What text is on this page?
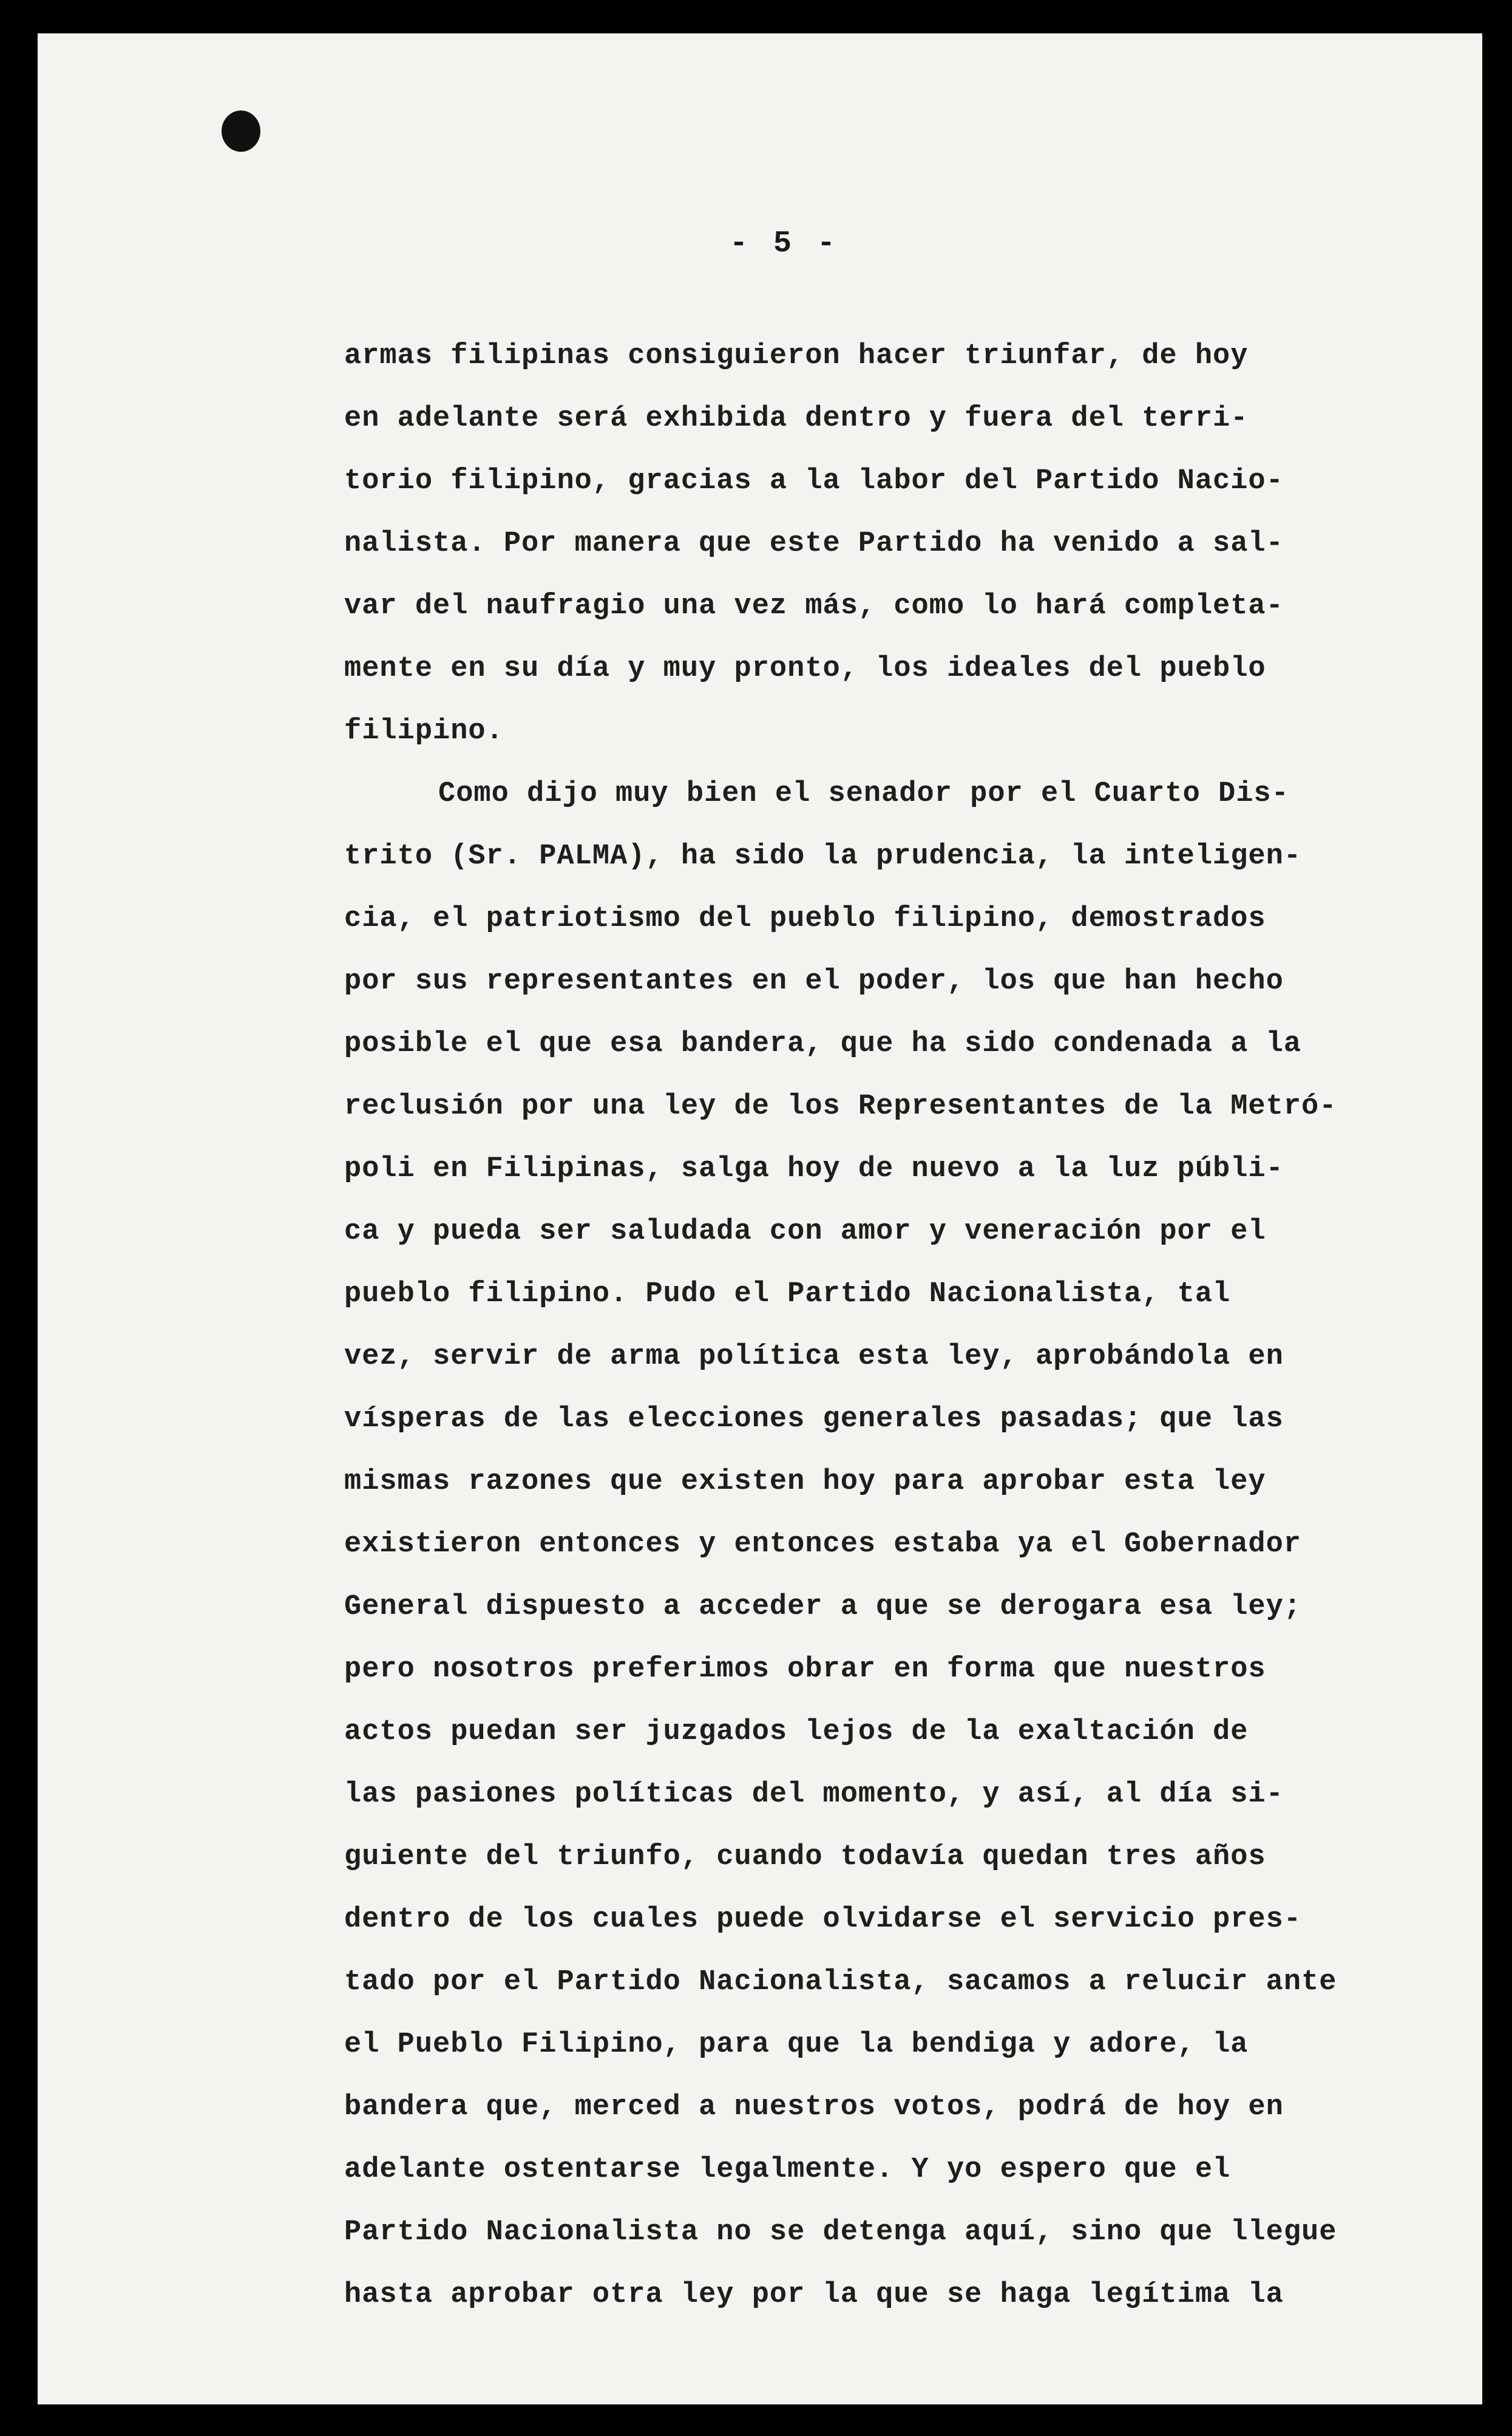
- 5 -
armas filipinas consiguieron hacer triunfar, de hoy
en adelante será exhibida dentro y fuera del terri-
torio filipino, gracias a la labor del Partido Nacio-
nalista. Por manera que este Partido ha venido a sal-
var del naufragio una vez más, como lo hará completa-
mente en su día y muy pronto, los ideales del pueblo
filipino.
Como dijo muy bien el senador por el Cuarto Dis-
trito (Sr. PALMA), ha sido la prudencia, la inteligen-
cia, el patriotismo del pueblo filipino, demostrados
por sus representantes en el poder, los que han hecho
posible el que esa bandera, que ha sido condenada a la
reclusión por una ley de los Representantes de la Metró-
poli en Filipinas, salga hoy de nuevo a la luz públi-
ca y pueda ser saludada con amor y veneración por el
pueblo filipino. Pudo el Partido Nacionalista, tal
vez, servir de arma política esta ley, aprobándola en
vísperas de las elecciones generales pasadas; que las
mismas razones que existen hoy para aprobar esta ley
existieron entonces y entonces estaba ya el Gobernador
General dispuesto a acceder a que se derogara esa ley;
pero nosotros preferimos obrar en forma que nuestros
actos puedan ser juzgados lejos de la exaltación de
las pasiones políticas del momento, y así, al día si-
guiente del triunfo, cuando todavía quedan tres años
dentro de los cuales puede olvidarse el servicio pres-
tado por el Partido Nacionalista, sacamos a relucir ante
el Pueblo Filipino, para que la bendiga y adore, la
bandera que, merced a nuestros votos, podrá de hoy en
adelante ostentarse legalmente. Y yo espero que el
Partido Nacionalista no se detenga aquí, sino que llegue
hasta aprobar otra ley por la que se haga legítima la
